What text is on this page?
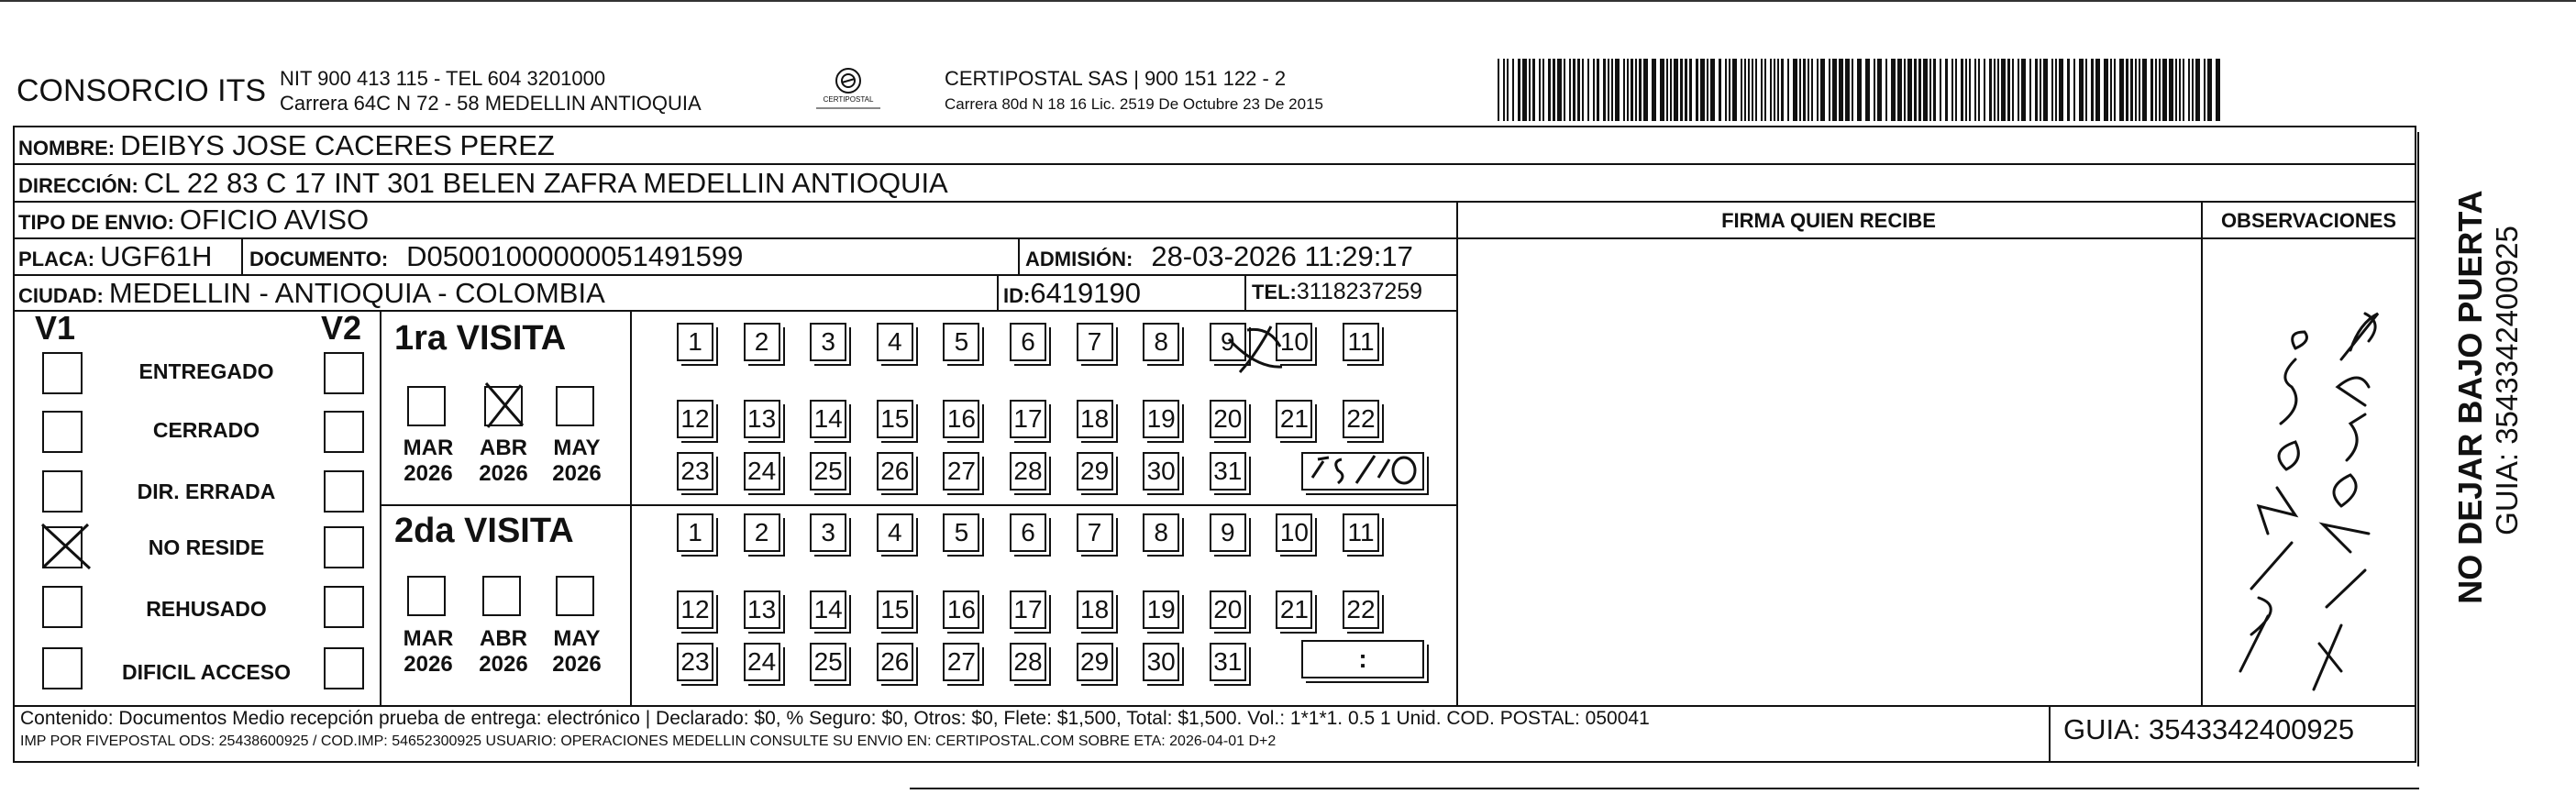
CONSORCIO ITS NIT 900 413 115 - TEL 604 3201000
Carrera 64C N 72 - 58 MEDELLIN ANTIOQUIA	CERTIPOSTAL
CERTIPOSTAL SAS | 900 151 122 - 2
Carrera 80d N 18 16 Lic. 2519 De Octubre 23 De 2015
NOMBRE: DEIBYS JOSE CACERES PEREZ
DIRECCIÓN: CL 22 83 C 17 INT 301 BELEN ZAFRA MEDELLIN ANTIOQUIA
TIPO DE ENVIO: OFICIO AVISO	FIRMA QUIEN RECIBE	OBSERVACIONES
PLACA: UGF61H DOCUMENTO: D05001000000051491599	ADMISIÓN: 28-03-2026 11:29:17
CIUDAD: MEDELLIN - ANTIOQUIA - COLOMBIA	ID: 6419190	TEL: 3118237259
V1	V2
ENTREGADO
CERRADO
DIR. ERRADA
NO RESIDE
REHUSADO
DIFICIL ACCESO
1ra VISITA
MAR 2026
ABR 2026
MAY 2026
1	2	3	4	5	6	7	8	9	10 11
12 13 14 15 16 17 18 19 20 21 22
23 24 25 26 27 28 29 30 31
2da VISITA
MAR 2026
ABR 2026
MAY 2026
1	2	3	4	5	6	7	8	9	10 11
12 13 14 15 16 17 18 19 20 21 22
23 24 25 26 27 28 29 30 31	:
NO DEJAR BAJO PUERTA GUIA: 3543342400925
Contenido: Documentos Medio recepción prueba de entrega: electrónico | Declarado: $0, % Seguro: $0, Otros: $0, Flete: $1,500, Total: $1,500. Vol.: 1*1*1. 0.5 1 Unid. COD. POSTAL: 050041
IMP POR FIVEPOSTAL ODS: 25438600925 / COD.IMP: 54652300925 USUARIO: OPERACIONES MEDELLIN CONSULTE SU ENVIO EN: CERTIPOSTAL.COM SOBRE ETA: 2026-04-01 D+2	GUIA: 3543342400925
